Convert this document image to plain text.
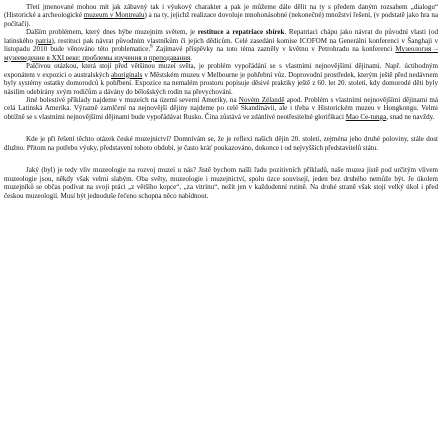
Třetí jmenované mohou mít jak zábavný tak i výukový charakter a pak je můžeme dále dělit na ty s předem daným rozsahem „dialogu“ (Historické a archeologické muzeum v Montrealu) a na ty, jejichž realizace dovoluje mnohonásobné (nekonečné) množství řešení, (v podstatě jako hra na počítači).

Dalším problémem, který dnes hýbe muzejním světem, je restituce a repatriace sbírek. Repatriaci chápu jako návrat do původní vlasti (od latinského patria), restituci pak návrat původním vlastníkům či jejich dědicům. Celé zasedání komise ICOFOM na Generální konferenci v Šanghaji v listopadu 2010 bude věnováno této problematice.$^8$ Zajímavé příspěvky na toto téma zazněly v květnu v Petrohradu na konferenci Музеология – музееведение в XXI веке: проблемы изучения и преподавания.

Palčivou otázkou, která stojí před většinou muzeí světa, je problém vypořádání se s vlastními nejnovějšími dějinami. Např. úctihodným exponátem v expozici o australských aboriginals v Městském muzeu v Melbourne je pohřební vůz. Doprovodní prostředek, kterým ještě před nedávnem byly systémy ostatky domorodců k pohřbení. Expozice na nemalém prostoru popisuje děsivé praktiky ještě z 60. let 20. století, kdy domorodé děti byly násilím odebírány svým rodičům a dávány do bělošských rodin na převychování.

Jiné bolestivé příklady najdeme v muzeích na území severní Ameriky, na Novém Zélandě apod. Problém s vlastními nejnovějšími dějinami má celá Latinská Amerika. Výrazně zamlčení na nejnovější dějiny najdeme po celé Skandinávii, ale i třeba v Historickém muzeu v Hongkongu. Velmi obtížně se s vlastními nejnovějšími dějinami bude vypořádávat Rusko. Čína zůstává ve zdánlivé neotřesitelné glorifikaci Mao Ce-tunga, snad ne navždy.

Kde je při řešení těchto otázek české muzejnictví? Domnívám se, že je reflexi našich dějin 20. století, zejména jeho druhé poloviny, stále dost dlužno. Přitom na potřebu výuky, představení tohoto období, je často kráť poukazováno, dokonce i od nejvyšších představitelů státu.

Jaký (byl) je tedy vliv muzeologie na rozvoj muzeí u nás? Jistě bychom našli řadu pozitivních příkladů, naše muzea jistě pod určitým vlivem muzeologie jsou, někdy však velmi slabým. Oba světy, muzeologie i muzejnictví, spolu úzce souvisejí, jeden bez druhého nemůže být. Je úkolem muzejníků se občas podívat na svoji práci „z většího kopce“, „za vitrínu“, nežít jen v každodenní rutině. Na druhé straně však stojí velký úkol i před českou muzeologií. Musí být jednoduše řečeno schopna něco nabídnout.
